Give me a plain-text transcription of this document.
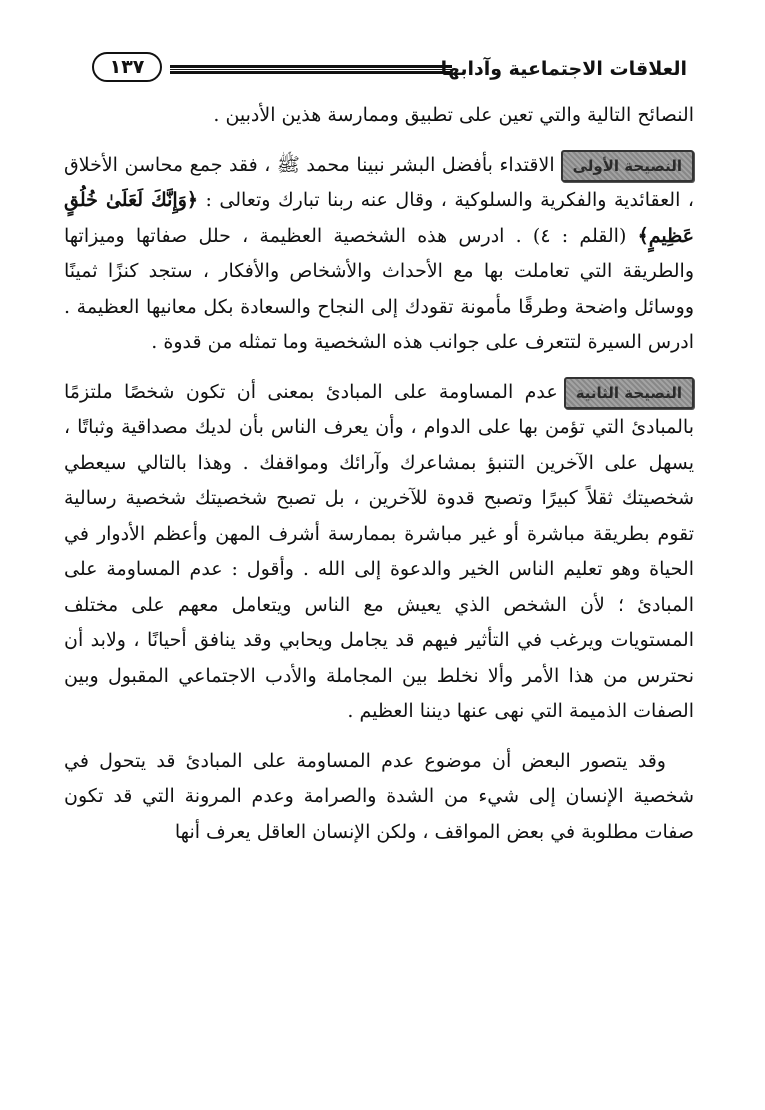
العلاقات الاجتماعية وآدابها
١٣٧

النصائح التالية والتي تعين على تطبيق وممارسة هذين الأدبين .

النصيحة الأولىالاقتداء بأفضل البشر نبينا محمد ﷺ ، فقد جمع محاسن الأخلاق ، العقائدية والفكرية والسلوكية ، وقال عنه ربنا تبارك وتعالى : ﴿وَإِنَّكَ لَعَلَىٰ خُلُقٍ عَظِيمٍ﴾ (القلم : ٤) . ادرس هذه الشخصية العظيمة ، حلل صفاتها وميزاتها والطريقة التي تعاملت بها مع الأحداث والأشخاص والأفكار ، ستجد كنزًا ثمينًا ووسائل واضحة وطرقًا مأمونة تقودك إلى النجاح والسعادة بكل معانيها العظيمة . ادرس السيرة لتتعرف على جوانب هذه الشخصية وما تمثله من قدوة .

النصيحة الثانيةعدم المساومة على المبادئ بمعنى أن تكون شخصًا ملتزمًا بالمبادئ التي تؤمن بها على الدوام ، وأن يعرف الناس بأن لديك مصداقية وثباتًا ، يسهل على الآخرين التنبؤ بمشاعرك وآرائك ومواقفك . وهذا بالتالي سيعطي شخصيتك ثقلاً كبيرًا وتصبح قدوة للآخرين ، بل تصبح شخصيتك شخصية رسالية تقوم بطريقة مباشرة أو غير مباشرة بممارسة أشرف المهن وأعظم الأدوار في الحياة وهو تعليم الناس الخير والدعوة إلى الله . وأقول : عدم المساومة على المبادئ ؛ لأن الشخص الذي يعيش مع الناس ويتعامل معهم على مختلف المستويات ويرغب في التأثير فيهم قد يجامل ويحابي وقد ينافق أحيانًا ، ولابد أن نحترس من هذا الأمر وألا نخلط بين المجاملة والأدب الاجتماعي المقبول وبين الصفات الذميمة التي نهى عنها ديننا العظيم .

وقد يتصور البعض أن موضوع عدم المساومة على المبادئ قد يتحول في شخصية الإنسان إلى شيء من الشدة والصرامة وعدم المرونة التي قد تكون صفات مطلوبة في بعض المواقف ، ولكن الإنسان العاقل يعرف أنها
